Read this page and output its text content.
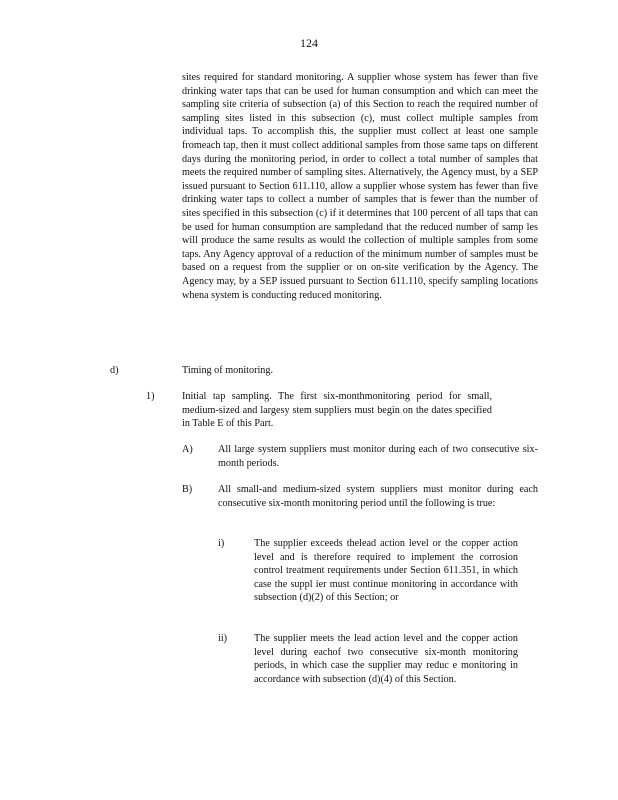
124
sites required for standard monitoring. A supplier whose system has fewer than five drinking water taps that can be used for human consumption and which can meet the sampling site criteria of subsection (a) of this Section to reach the required number of sampling sites listed in this subsection (c), must collect multiple samples from individual taps. To accomplish this, the supplier must collect at least one sample fromeach tap, then it must collect additional samples from those same taps on different days during the monitoring period, in order to collect a total number of samples that meets the required number of sampling sites. Alternatively, the Agency must, by a SEP issued pursuant to Section 611.110, allow a supplier whose system has fewer than five drinking water taps to collect a number of samples that is fewer than the number of sites specified in this subsection (c) if it determines that 100 percent of all taps that can be used for human consumption are sampledand that the reduced number of samp les will produce the same results as would the collection of multiple samples from some taps. Any Agency approval of a reduction of the minimum number of samples must be based on a request from the supplier or on on-site verification by the Agency. The Agency may, by a SEP issued pursuant to Section 611.110, specify sampling locations whena system is conducting reduced monitoring.
d)	Timing of monitoring.
1)	Initial tap sampling. The first six-monthmonitoring period for small, medium-sized and largesy stem suppliers must begin on the dates specified in Table E of this Part.
A) All large system suppliers must monitor during each of two consecutive six-month periods.
B)	All small-and medium-sized system suppliers must monitor during each consecutive six-month monitoring period until the following is true:
i)	The supplier exceeds thelead action level or the copper action level and is therefore required to implement the corrosion control treatment requirements under Section 611.351, in which case the suppl ier must continue monitoring in accordance with subsection (d)(2) of this Section; or
ii)	The supplier meets the lead action level and the copper action level during eachof two consecutive six-month monitoring periods, in which case the supplier may reduc e monitoring in accordance with subsection (d)(4) of this Section.
